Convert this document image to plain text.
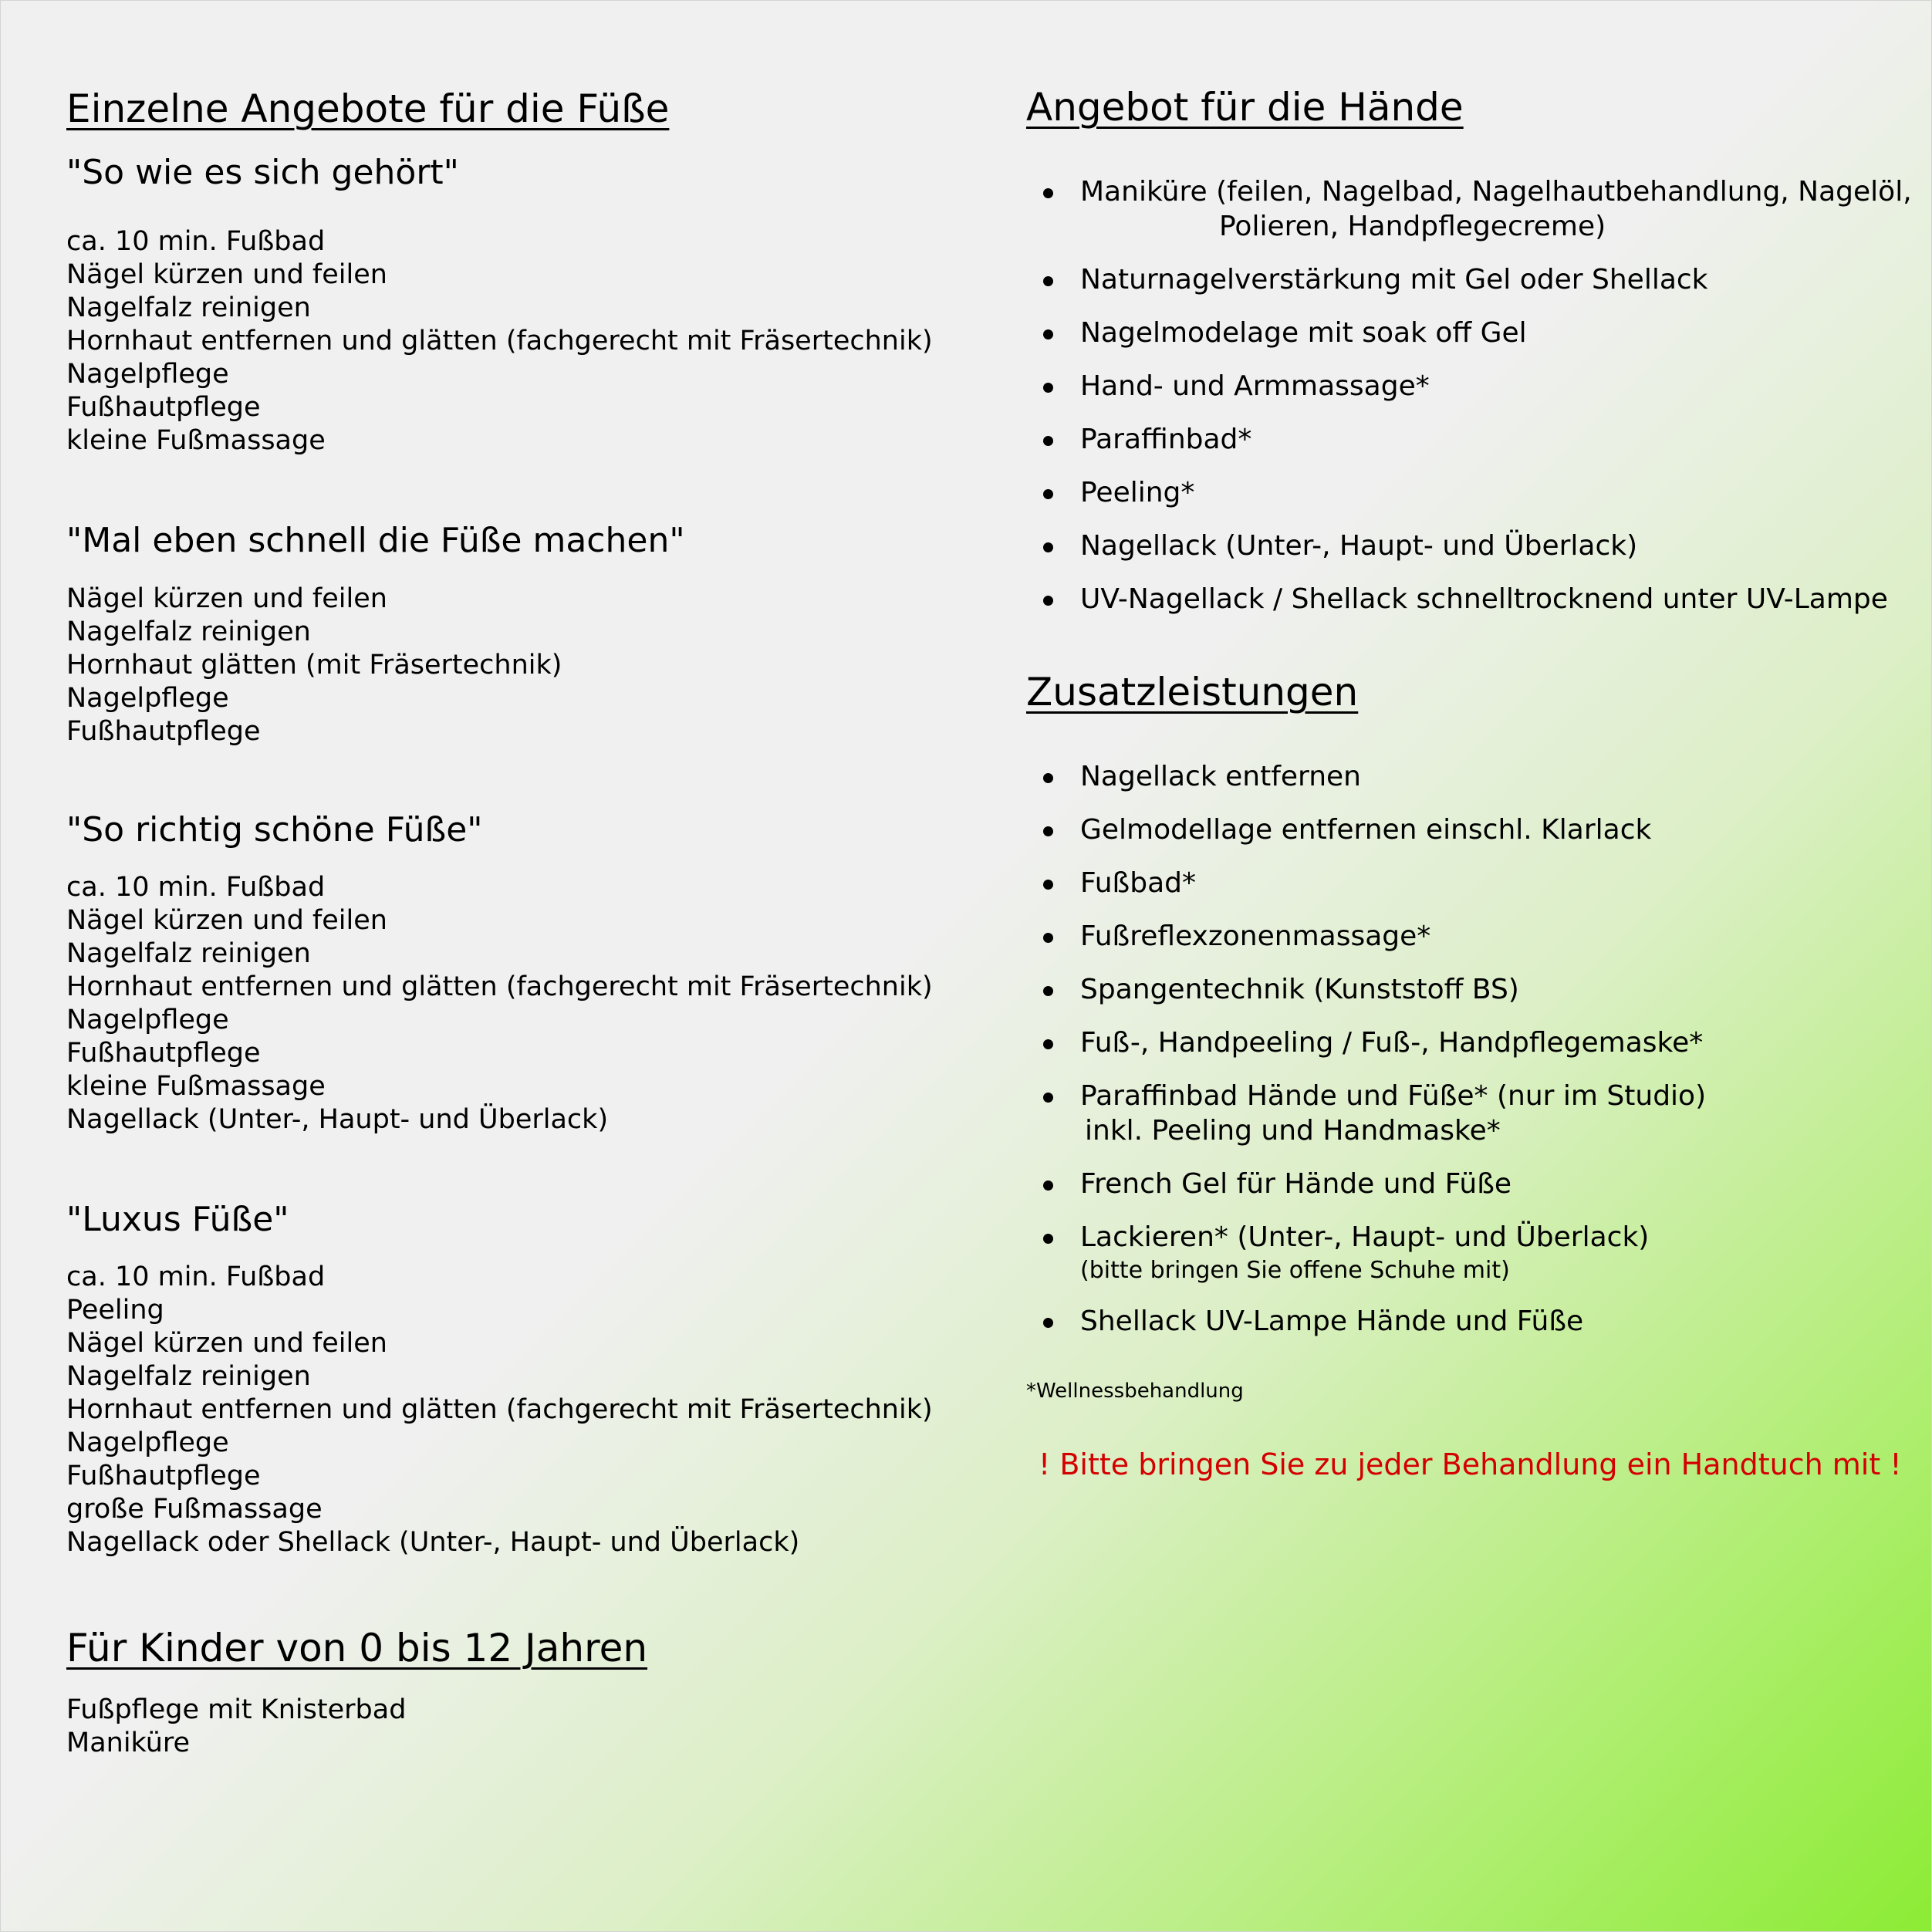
Einzelne Angebote für die Füße
"So wie es sich gehört"
ca. 10 min. Fußbad
Nägel kürzen und feilen
Nagelfalz reinigen
Hornhaut entfernen und glätten (fachgerecht mit Fräsertechnik)
Nagelpflege
Fußhautpflege
kleine Fußmassage
"Mal eben schnell die Füße machen"
Nägel kürzen und feilen
Nagelfalz reinigen
Hornhaut glätten (mit Fräsertechnik)
Nagelpflege
Fußhautpflege
"So richtig schöne Füße"
ca. 10 min. Fußbad
Nägel kürzen und feilen
Nagelfalz reinigen
Hornhaut entfernen und glätten (fachgerecht mit Fräsertechnik)
Nagelpflege
Fußhautpflege
kleine Fußmassage
Nagellack (Unter-, Haupt- und Überlack)
"Luxus Füße"
ca. 10 min. Fußbad
Peeling
Nägel kürzen und feilen
Nagelfalz reinigen
Hornhaut entfernen und glätten (fachgerecht mit Fräsertechnik)
Nagelpflege
Fußhautpflege
große Fußmassage
Nagellack oder Shellack (Unter-, Haupt- und Überlack)
Für Kinder von 0 bis 12 Jahren
Fußpflege mit Knisterbad
Maniküre
Angebot für die Hände
Maniküre (feilen, Nagelbad, Nagelhautbehandlung, Nagelöl,
Polieren, Handpflegecreme)
Naturnagelverstärkung mit Gel oder Shellack
Nagelmodelage mit soak off Gel
Hand- und Armmassage*
Paraffinbad*
Peeling*
Nagellack (Unter-, Haupt- und Überlack)
UV-Nagellack / Shellack schnelltrocknend unter UV-Lampe
Zusatzleistungen
Nagellack entfernen
Gelmodellage entfernen einschl. Klarlack
Fußbad*
Fußreflexzonenmassage*
Spangentechnik (Kunststoff BS)
Fuß-, Handpeeling / Fuß-, Handpflegemaske*
Paraffinbad Hände und Füße* (nur im Studio)
inkl. Peeling und Handmaske*
French Gel für Hände und Füße
Lackieren* (Unter-, Haupt- und Überlack)
(bitte bringen Sie offene Schuhe mit)
Shellack UV-Lampe Hände und Füße
*Wellnessbehandlung
! Bitte bringen Sie zu jeder Behandlung ein Handtuch mit !
